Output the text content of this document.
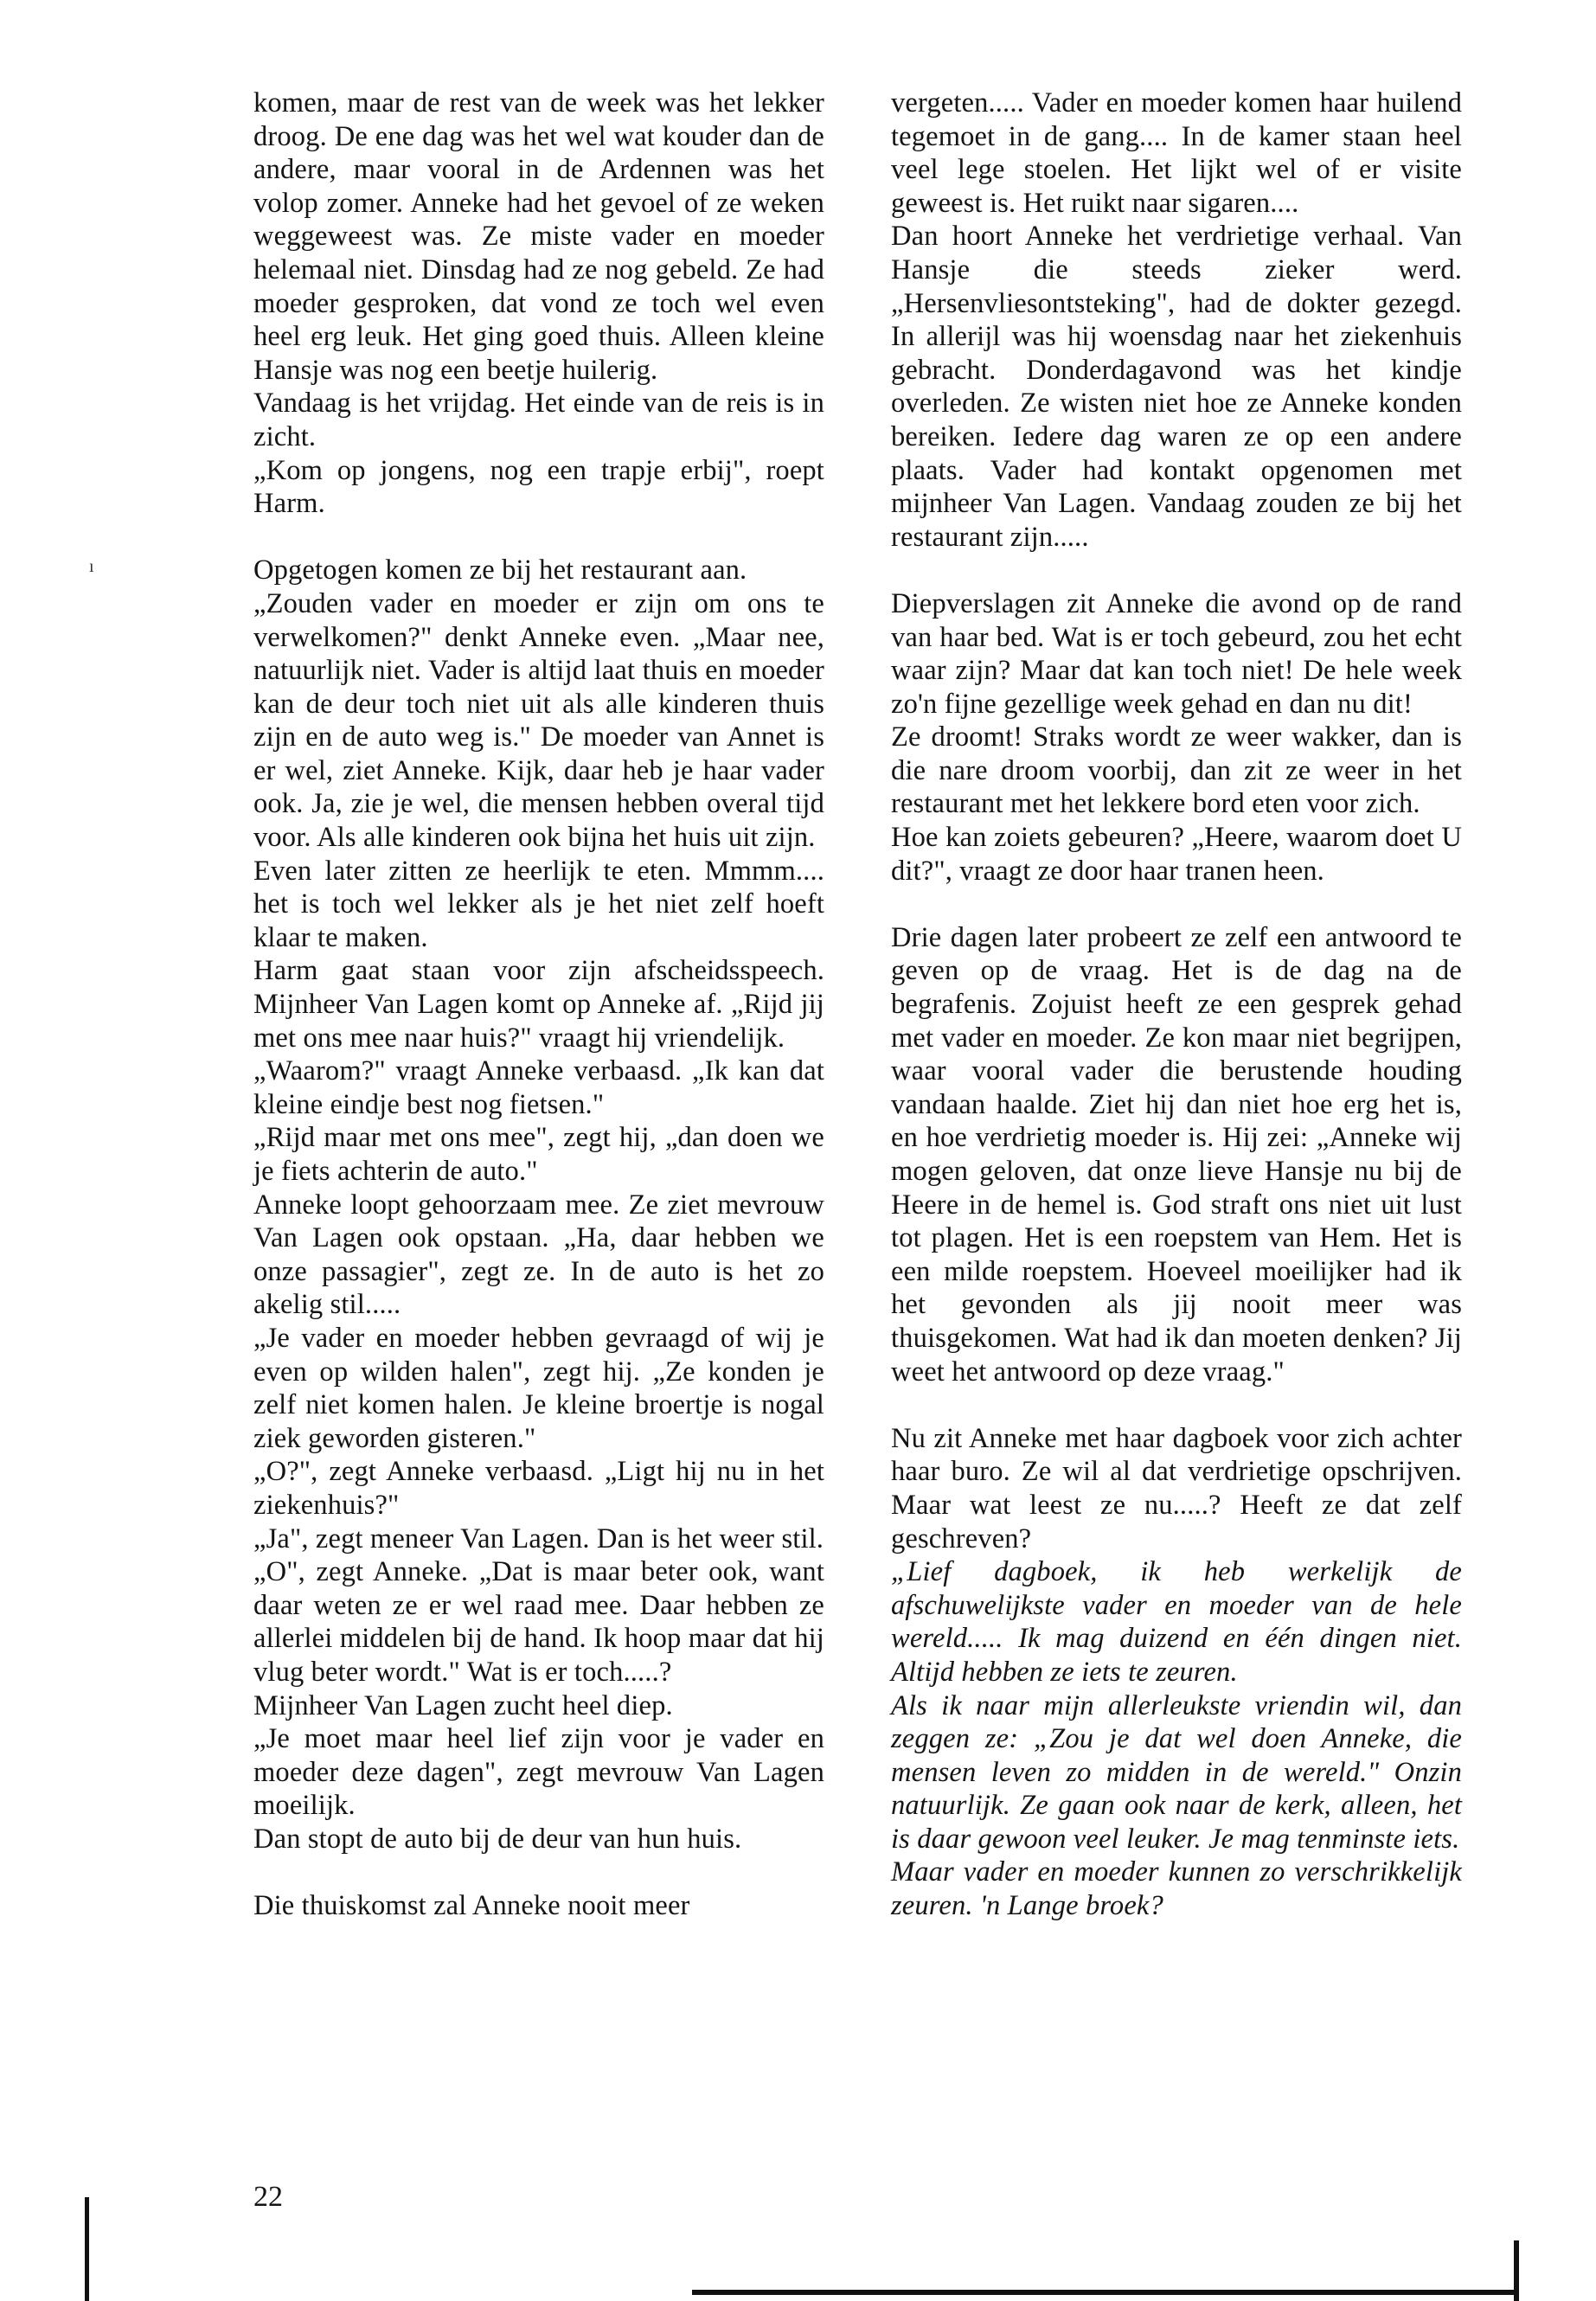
komen, maar de rest van de week was het lekker droog. De ene dag was het wel wat kouder dan de andere, maar vooral in de Ardennen was het volop zomer. Anneke had het gevoel of ze weken weggeweest was. Ze miste vader en moeder helemaal niet. Dinsdag had ze nog gebeld. Ze had moeder gesproken, dat vond ze toch wel even heel erg leuk. Het ging goed thuis. Alleen kleine Hansje was nog een beetje huilerig.

Vandaag is het vrijdag. Het einde van de reis is in zicht.

„Kom op jongens, nog een trapje erbij", roept Harm.

Opgetogen komen ze bij het restaurant aan.

„Zouden vader en moeder er zijn om ons te verwelkomen?" denkt Anneke even. „Maar nee, natuurlijk niet. Vader is altijd laat thuis en moeder kan de deur toch niet uit als alle kinderen thuis zijn en de auto weg is." De moeder van Annet is er wel, ziet Anneke. Kijk, daar heb je haar vader ook. Ja, zie je wel, die mensen hebben overal tijd voor. Als alle kinderen ook bijna het huis uit zijn.

Even later zitten ze heerlijk te eten. Mmmm.... het is toch wel lekker als je het niet zelf hoeft klaar te maken.

Harm gaat staan voor zijn afscheidsspeech. Mijnheer Van Lagen komt op Anneke af. „Rijd jij met ons mee naar huis?" vraagt hij vriendelijk.

„Waarom?" vraagt Anneke verbaasd. „Ik kan dat kleine eindje best nog fietsen."

„Rijd maar met ons mee", zegt hij, „dan doen we je fiets achterin de auto."

Anneke loopt gehoorzaam mee. Ze ziet mevrouw Van Lagen ook opstaan. „Ha, daar hebben we onze passagier", zegt ze. In de auto is het zo akelig stil.....

„Je vader en moeder hebben gevraagd of wij je even op wilden halen", zegt hij. „Ze konden je zelf niet komen halen. Je kleine broertje is nogal ziek geworden gisteren."

„O?", zegt Anneke verbaasd. „Ligt hij nu in het ziekenhuis?"

„Ja", zegt meneer Van Lagen. Dan is het weer stil.

„O", zegt Anneke. „Dat is maar beter ook, want daar weten ze er wel raad mee. Daar hebben ze allerlei middelen bij de hand. Ik hoop maar dat hij vlug beter wordt." Wat is er toch.....?

Mijnheer Van Lagen zucht heel diep.

„Je moet maar heel lief zijn voor je vader en moeder deze dagen", zegt mevrouw Van Lagen moeilijk.

Dan stopt de auto bij de deur van hun huis.

Die thuiskomst zal Anneke nooit meer

vergeten..... Vader en moeder komen haar huilend tegemoet in de gang.... In de kamer staan heel veel lege stoelen. Het lijkt wel of er visite geweest is. Het ruikt naar sigaren....

Dan hoort Anneke het verdrietige verhaal. Van Hansje die steeds zieker werd. „Hersenvliesontsteking", had de dokter gezegd. In allerijl was hij woensdag naar het ziekenhuis gebracht. Donderdagavond was het kindje overleden. Ze wisten niet hoe ze Anneke konden bereiken. Iedere dag waren ze op een andere plaats. Vader had kontakt opgenomen met mijnheer Van Lagen. Vandaag zouden ze bij het restaurant zijn.....

Diepverslagen zit Anneke die avond op de rand van haar bed. Wat is er toch gebeurd, zou het echt waar zijn? Maar dat kan toch niet! De hele week zo'n fijne gezellige week gehad en dan nu dit!

Ze droomt! Straks wordt ze weer wakker, dan is die nare droom voorbij, dan zit ze weer in het restaurant met het lekkere bord eten voor zich.

Hoe kan zoiets gebeuren? „Heere, waarom doet U dit?", vraagt ze door haar tranen heen.

Drie dagen later probeert ze zelf een antwoord te geven op de vraag. Het is de dag na de begrafenis. Zojuist heeft ze een gesprek gehad met vader en moeder. Ze kon maar niet begrijpen, waar vooral vader die berustende houding vandaan haalde. Ziet hij dan niet hoe erg het is, en hoe verdrietig moeder is. Hij zei: „Anneke wij mogen geloven, dat onze lieve Hansje nu bij de Heere in de hemel is. God straft ons niet uit lust tot plagen. Het is een roepstem van Hem. Het is een milde roepstem. Hoeveel moeilijker had ik het gevonden als jij nooit meer was thuisgekomen. Wat had ik dan moeten denken? Jij weet het antwoord op deze vraag."

Nu zit Anneke met haar dagboek voor zich achter haar buro. Ze wil al dat verdrietige opschrijven. Maar wat leest ze nu.....? Heeft ze dat zelf geschreven?

„Lief dagboek, ik heb werkelijk de afschuwelijkste vader en moeder van de hele wereld..... Ik mag duizend en één dingen niet. Altijd hebben ze iets te zeuren.

Als ik naar mijn allerleukste vriendin wil, dan zeggen ze: „Zou je dat wel doen Anneke, die mensen leven zo midden in de wereld." Onzin natuurlijk. Ze gaan ook naar de kerk, alleen, het is daar gewoon veel leuker. Je mag tenminste iets.

Maar vader en moeder kunnen zo verschrikkelijk zeuren. 'n Lange broek?

ı
22
